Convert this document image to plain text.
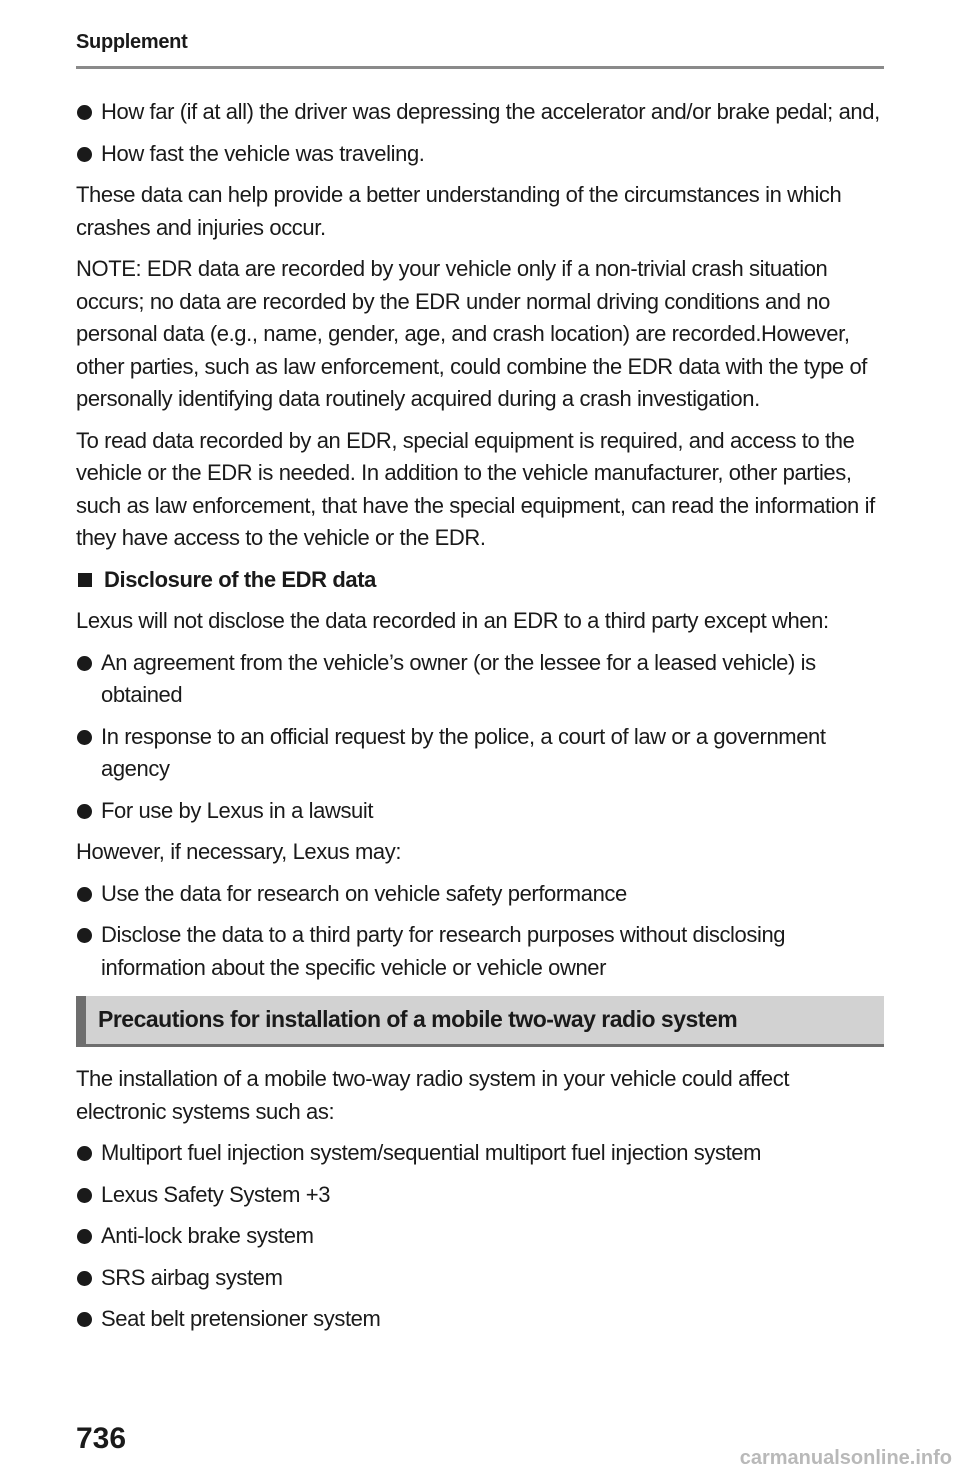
Supplement
How far (if at all) the driver was depressing the accelerator and/or brake pedal; and,
How fast the vehicle was traveling.
These data can help provide a better understanding of the circumstances in which crashes and injuries occur.
NOTE: EDR data are recorded by your vehicle only if a non-trivial crash situation occurs; no data are recorded by the EDR under normal driving conditions and no personal data (e.g., name, gender, age, and crash location) are recorded.However, other parties, such as law enforcement, could combine the EDR data with the type of personally identifying data routinely acquired during a crash investigation.
To read data recorded by an EDR, special equipment is required, and access to the vehicle or the EDR is needed. In addition to the vehicle manufacturer, other parties, such as law enforcement, that have the special equipment, can read the information if they have access to the vehicle or the EDR.
Disclosure of the EDR data
Lexus will not disclose the data recorded in an EDR to a third party except when:
An agreement from the vehicle’s owner (or the lessee for a leased vehicle) is obtained
In response to an official request by the police, a court of law or a government agency
For use by Lexus in a lawsuit
However, if necessary, Lexus may:
Use the data for research on vehicle safety performance
Disclose the data to a third party for research purposes without disclosing information about the specific vehicle or vehicle owner
Precautions for installation of a mobile two-way radio system
The installation of a mobile two-way radio system in your vehicle could affect electronic systems such as:
Multiport fuel injection system/sequential multiport fuel injection system
Lexus Safety System +3
Anti-lock brake system
SRS airbag system
Seat belt pretensioner system
736
carmanualsonline.info
